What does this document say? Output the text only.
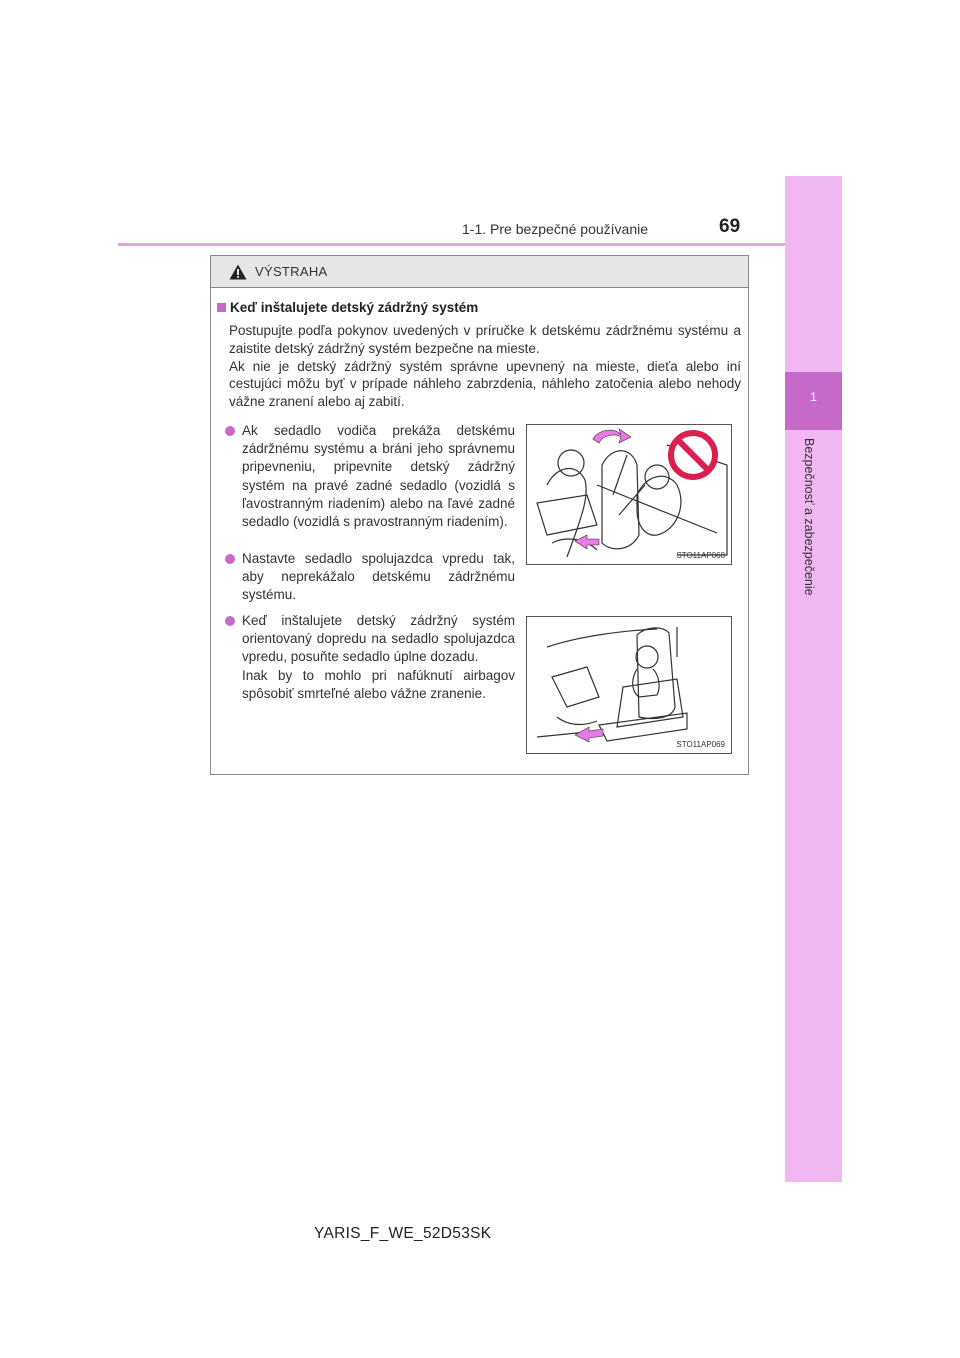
1
Bezpečnosť a zabezpečenie
1-1. Pre bezpečné používanie	69
VÝSTRAHA
Keď inštalujete detský zádržný systém
Postupujte podľa pokynov uvedených v príručke k detskému zádržnému systému a zaistite detský zádržný systém bezpečne na mieste.
Ak nie je detský zádržný systém správne upevnený na mieste, dieťa alebo iní cestujúci môžu byť v prípade náhleho zabrzdenia, náhleho zatočenia alebo nehody vážne zranení alebo aj zabití.
Ak sedadlo vodiča prekáža detskému zádržnému systému a bráni jeho správnemu pripevneniu, pripevnite detský zádržný systém na pravé zadné sedadlo (vozidlá s ľavostranným riadením) alebo na ľavé zadné sedadlo (vozidlá s pravostranným riadením).
Nastavte sedadlo spolujazdca vpredu tak, aby neprekážalo detskému zádržnému systému.
Keď inštalujete detský zádržný systém orientovaný dopredu na sedadlo spolujazdca vpredu, posuňte sedadlo úplne dozadu.
Inak by to mohlo pri nafúknutí airbagov spôsobiť smrteľné alebo vážne zranenie.
STO11AP068
STO11AP069
YARIS_F_WE_52D53SK
